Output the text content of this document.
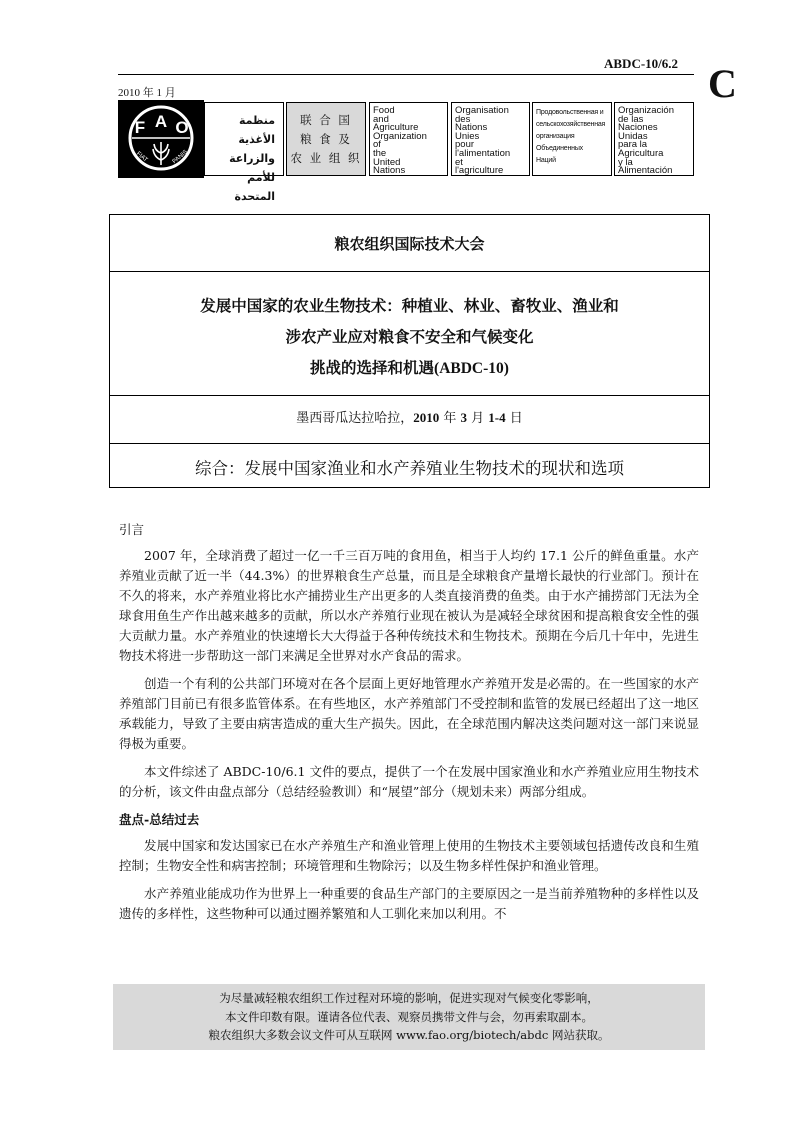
ABDC-10/6.2 C
2010 年 1 月
F A O
FIAT	PANIS
منظمة الأغذية
والزراعة
للأمم المتحدة
联 合 国
粮 食 及
农 业 组 织
Food
and
Agriculture
Organization
of
the
United
Nations
Organisation
des
Nations
Unies
pour
l'alimentation
et
l'agriculture
Продовольственная и
сельскохозяйственная
организация
Объединенных
Наций
Organización
de las
Naciones
Unidas
para la
Agricultura
y la
Alimentación
粮农组织国际技术大会
发展中国家的农业生物技术：种植业、林业、畜牧业、渔业和
涉农产业应对粮食不安全和气候变化
挑战的选择和机遇(ABDC-10)
墨西哥瓜达拉哈拉，2010 年 3 月 1-4 日
综合：发展中国家渔业和水产养殖业生物技术的现状和选项
引言

2007 年，全球消费了超过一亿一千三百万吨的食用鱼，相当于人均约 17.1 公斤的鲜鱼重量。水产养殖业贡献了近一半（44.3%）的世界粮食生产总量，而且是全球粮食产量增长最快的行业部门。预计在不久的将来，水产养殖业将比水产捕捞业生产出更多的人类直接消费的鱼类。由于水产捕捞部门无法为全球食用鱼生产作出越来越多的贡献，所以水产养殖行业现在被认为是减轻全球贫困和提高粮食安全性的强大贡献力量。水产养殖业的快速增长大大得益于各种传统技术和生物技术。预期在今后几十年中，先进生物技术将进一步帮助这一部门来满足全世界对水产食品的需求。

创造一个有利的公共部门环境对在各个层面上更好地管理水产养殖开发是必需的。在一些国家的水产养殖部门目前已有很多监管体系。在有些地区，水产养殖部门不受控制和监管的发展已经超出了这一地区承载能力，导致了主要由病害造成的重大生产损失。因此，在全球范围内解决这类问题对这一部门来说显得极为重要。

本文件综述了 ABDC-10/6.1 文件的要点，提供了一个在发展中国家渔业和水产养殖业应用生物技术的分析，该文件由盘点部分（总结经验教训）和“展望”部分（规划未来）两部分组成。

盘点-总结过去

发展中国家和发达国家已在水产养殖生产和渔业管理上使用的生物技术主要领域包括遗传改良和生殖控制；生物安全性和病害控制；环境管理和生物除污；以及生物多样性保护和渔业管理。

水产养殖业能成功作为世界上一种重要的食品生产部门的主要原因之一是当前养殖物种的多样性以及遗传的多样性，这些物种可以通过圈养繁殖和人工驯化来加以利用。不

为尽量减轻粮农组织工作过程对环境的影响，促进实现对气候变化零影响，
本文件印数有限。谨请各位代表、观察员携带文件与会，勿再索取副本。
粮农组织大多数会议文件可从互联网 www.fao.org/biotech/abdc 网站获取。
